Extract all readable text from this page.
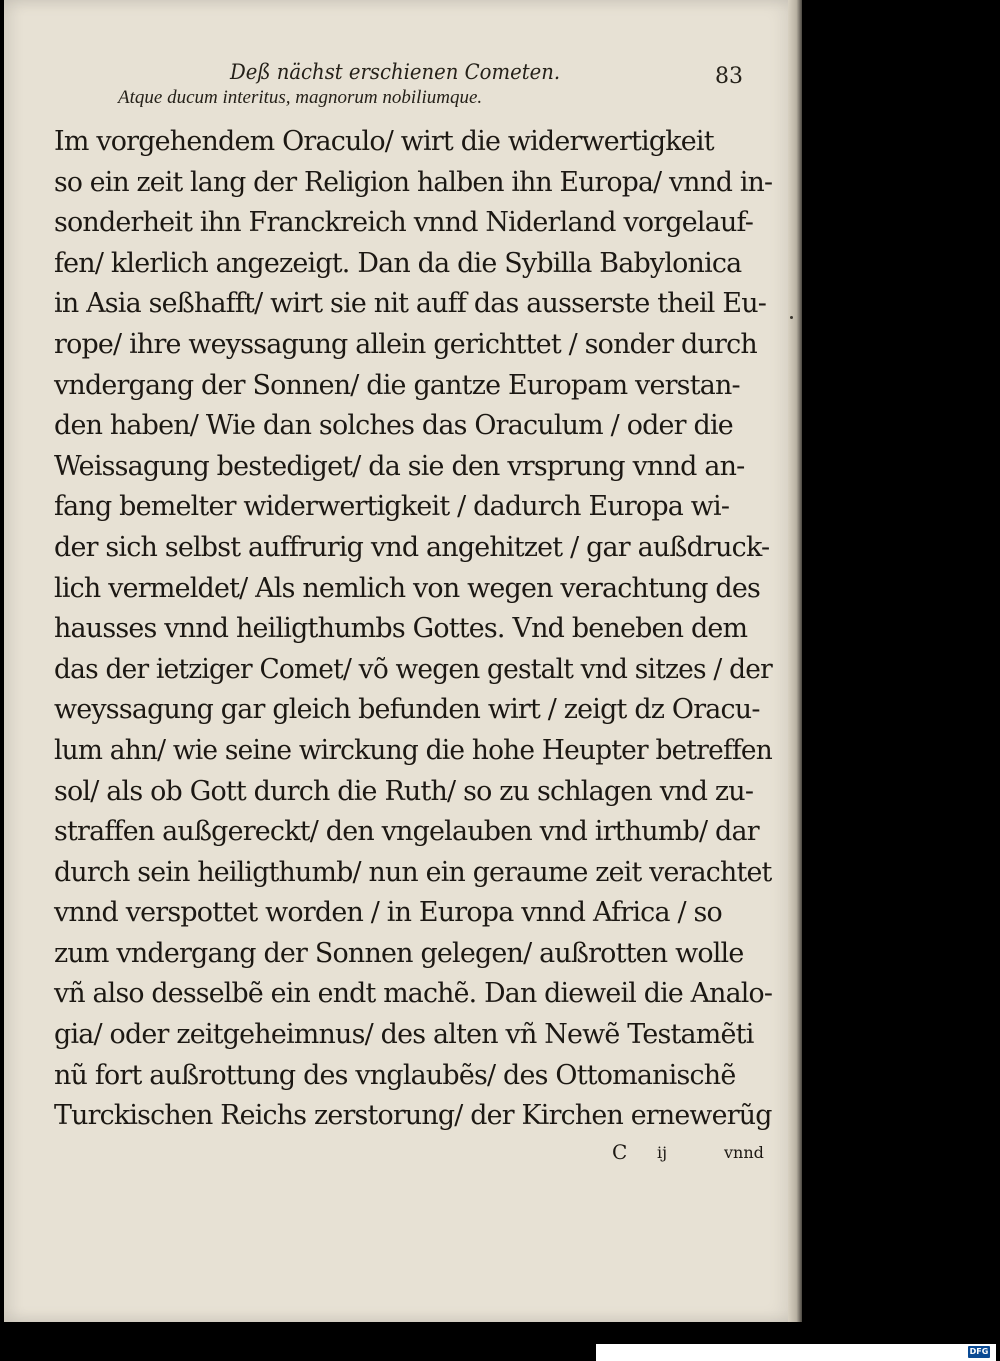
Deß nächst erschienen Cometen.	83
Atque ducum interitus, magnorum nobiliumque.
Im vorgehendem Oraculo/ wirt die widerwertigkeit
so ein zeit lang der Religion halben ihn Europa/ vnnd in-
sonderheit ihn Franckreich vnnd Niderland vorgelauf-
fen/ klerlich angezeigt. Dan da die Sybilla Babylonica
in Asia seßhafft/ wirt sie nit auff das ausserste theil Eu-
rope/ ihre weyssagung allein gerichttet / sonder durch
vndergang der Sonnen/ die gantze Europam verstan-
den haben/ Wie dan solches das Oraculum / oder die
Weissagung bestediget/ da sie den vrsprung vnnd an-
fang bemelter widerwertigkeit / dadurch Europa wi-
der sich selbst auffrurig vnd angehitzet / gar außdruck-
lich vermeldet/ Als nemlich von wegen verachtung des
hausses vnnd heiligthumbs Gottes. Vnd beneben dem
das der ietziger Comet/ võ wegen gestalt vnd sitzes / der
weyssagung gar gleich befunden wirt / zeigt dz Oracu-
lum ahn/ wie seine wirckung die hohe Heupter betreffen
sol/ als ob Gott durch die Ruth/ so zu schlagen vnd zu-
straffen außgereckt/ den vngelauben vnd irthumb/ dar
durch sein heiligthumb/ nun ein geraume zeit verachtet
vnnd verspottet worden / in Europa vnnd Africa / so
zum vndergang der Sonnen gelegen/ außrotten wolle
vñ also desselbẽ ein endt machẽ. Dan dieweil die Analo-
gia/ oder zeitgeheimnus/ des alten vñ Newẽ Testamẽti
nũ fort außrottung des vnglaubẽs/ des Ottomanischẽ
Turckischen Reichs zerstorung/ der Kirchen ernewerũg
C ij	vnnd
Digitalisierung gefördert durch die Deutsche Forschungsgemeinschaft -	DFG
